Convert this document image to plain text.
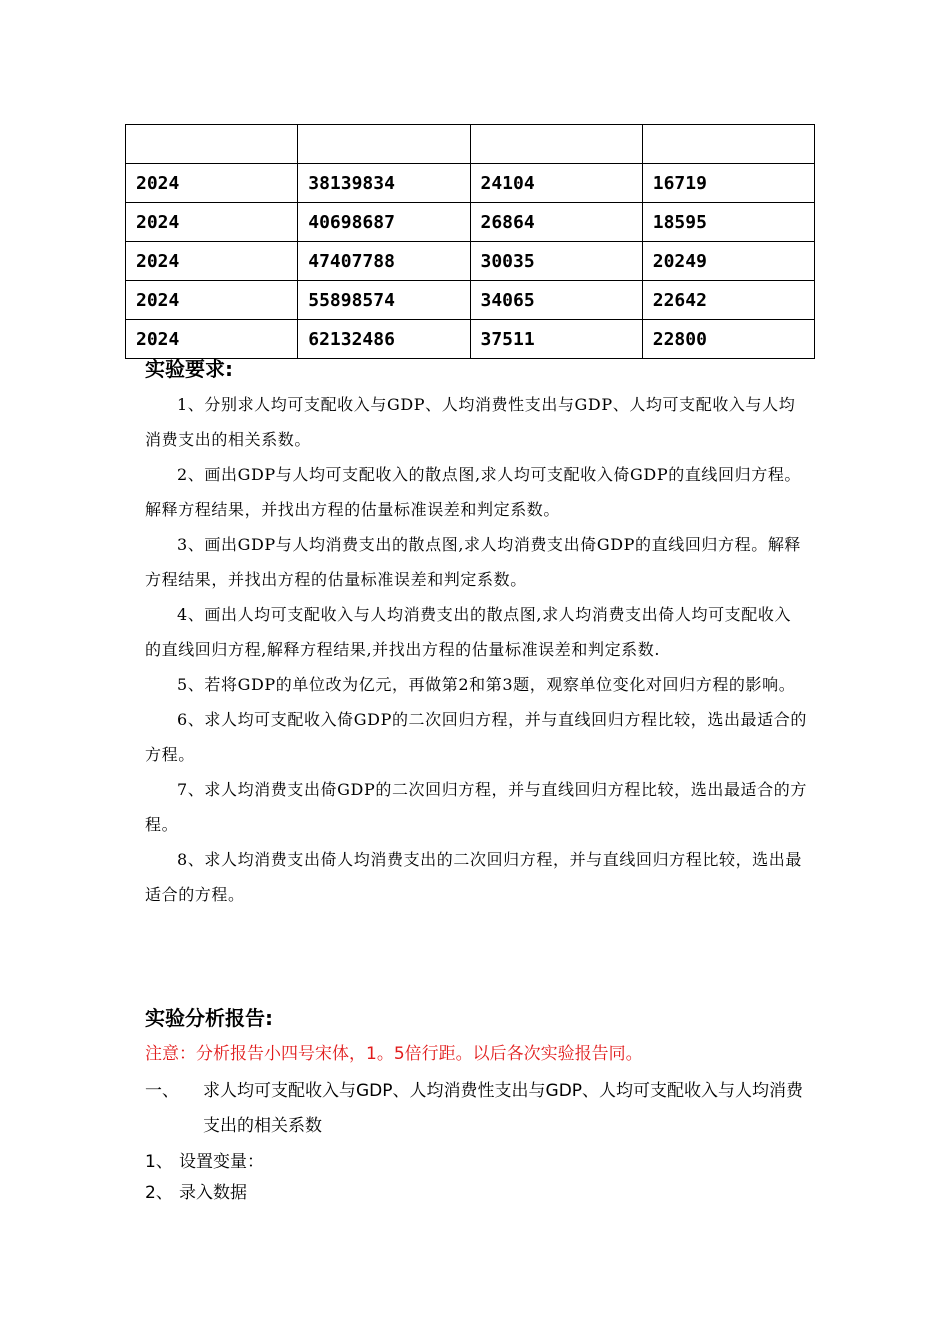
2024	38139834	24104	16719
2024	40698687	26864	18595
2024	47407788	30035	20249
2024	55898574	34065	22642
2024	62132486	37511	22800
实验要求:

1、分别求人均可支配收入与GDP、人均消费性支出与GDP、人均可支配收入与人均消费支出的相关系数。

2、画出GDP与人均可支配收入的散点图,求人均可支配收入倚GDP的直线回归方程。解释方程结果，并找出方程的估量标准误差和判定系数。

3、画出GDP与人均消费支出的散点图,求人均消费支出倚GDP的直线回归方程。解释方程结果，并找出方程的估量标准误差和判定系数。

4、画出人均可支配收入与人均消费支出的散点图,求人均消费支出倚人均可支配收入的直线回归方程,解释方程结果,并找出方程的估量标准误差和判定系数.

5、若将GDP的单位改为亿元，再做第2和第3题，观察单位变化对回归方程的影响。

6、求人均可支配收入倚GDP的二次回归方程，并与直线回归方程比较，选出最适合的方程。

7、求人均消费支出倚GDP的二次回归方程，并与直线回归方程比较，选出最适合的方程。

8、求人均消费支出倚人均消费支出的二次回归方程，并与直线回归方程比较，选出最适合的方程。

实验分析报告:
注意：分析报告小四号宋体，1。5倍行距。以后各次实验报告同。
一、 求人均可支配收入与GDP、人均消费性支出与GDP、人均可支配收入与人均消费支出的相关系数
1、 设置变量：
2、 录入数据
